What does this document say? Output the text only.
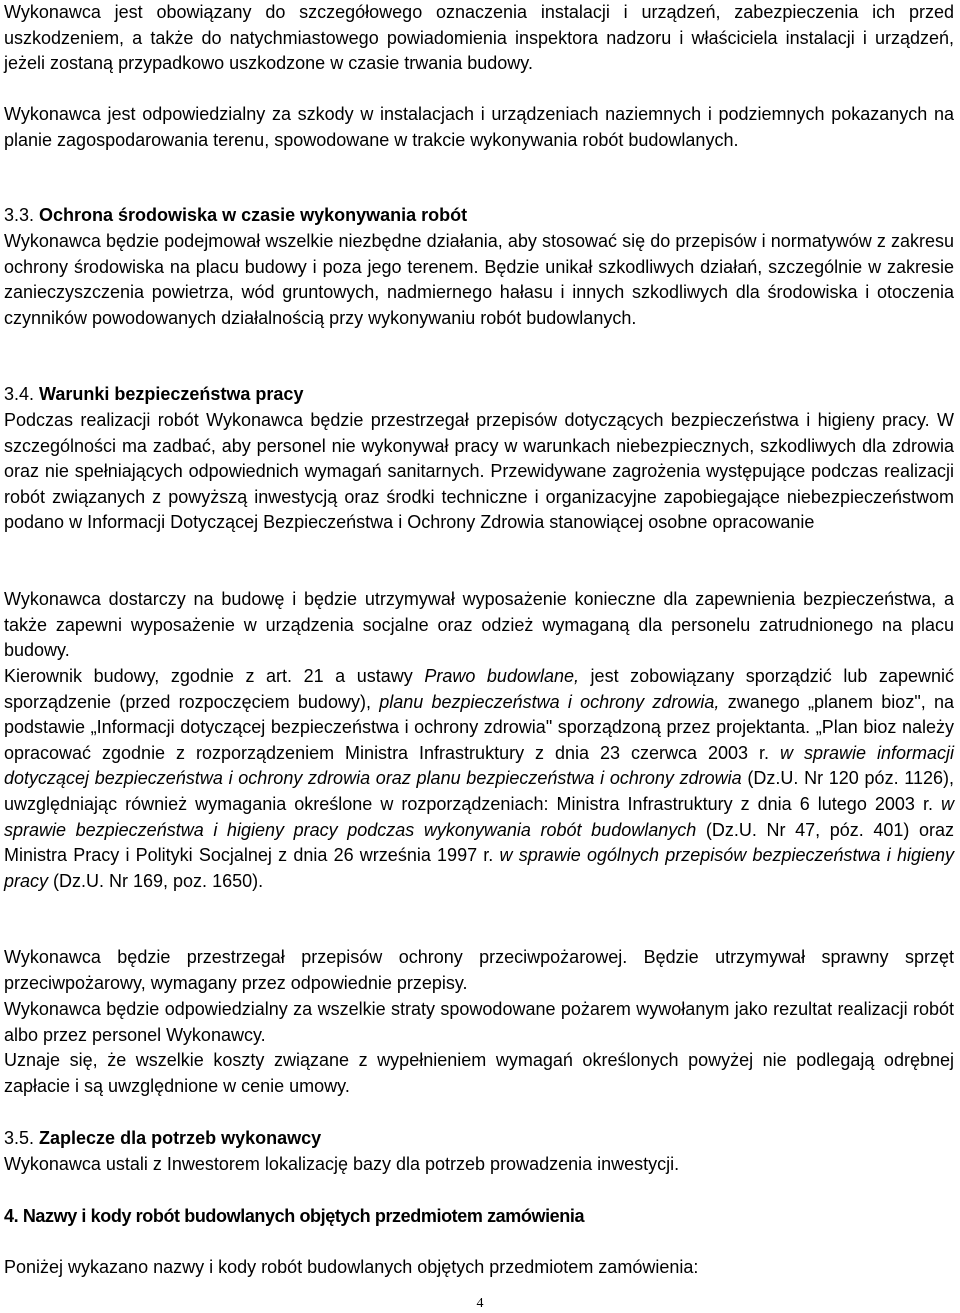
Wykonawca jest obowiązany do szczegółowego oznaczenia instalacji i urządzeń, zabezpieczenia ich przed uszkodzeniem, a także do natychmiastowego powiadomienia inspektora nadzoru i właściciela instalacji i urządzeń, jeżeli zostaną przypadkowo uszkodzone w czasie trwania budowy.

Wykonawca jest odpowiedzialny za szkody w instalacjach i urządzeniach naziemnych i podziemnych pokazanych na planie zagospodarowania terenu, spowodowane w trakcie wykonywania robót budowlanych.

3.3. Ochrona środowiska w czasie wykonywania robót

Wykonawca będzie podejmował wszelkie niezbędne działania, aby stosować się do przepisów i normatywów z zakresu ochrony środowiska na placu budowy i poza jego terenem. Będzie unikał szkodliwych działań, szczególnie w zakresie zanieczyszczenia powietrza, wód gruntowych, nadmiernego hałasu i innych szkodliwych dla środowiska i otoczenia czynników powodowanych działalnością przy wykonywaniu robót budowlanych.

3.4. Warunki bezpieczeństwa pracy

Podczas realizacji robót Wykonawca będzie przestrzegał przepisów dotyczących bezpieczeństwa i higieny pracy. W szczególności ma zadbać, aby personel nie wykonywał pracy w warunkach niebezpiecznych, szkodliwych dla zdrowia oraz nie spełniających odpowiednich wymagań sanitarnych. Przewidywane zagrożenia występujące podczas realizacji robót związanych z powyższą inwestycją oraz środki techniczne i organizacyjne zapobiegające niebezpieczeństwom podano w Informacji Dotyczącej Bezpieczeństwa i Ochrony Zdrowia stanowiącej osobne opracowanie

Wykonawca dostarczy na budowę i będzie utrzymywał wyposażenie konieczne dla zapewnienia bezpieczeństwa, a także zapewni wyposażenie w urządzenia socjalne oraz odzież wymaganą dla personelu zatrudnionego na placu budowy.

Kierownik budowy, zgodnie z art. 21 a ustawy Prawo budowlane, jest zobowiązany sporządzić lub zapewnić sporządzenie (przed rozpoczęciem budowy), planu bezpieczeństwa i ochrony zdrowia, zwanego „planem bioz", na podstawie „Informacji dotyczącej bezpieczeństwa i ochrony zdrowia" sporządzoną przez projektanta. „Plan bioz należy opracować zgodnie z rozporządzeniem Ministra Infrastruktury z dnia 23 czerwca 2003 r. w sprawie informacji dotyczącej bezpieczeństwa i ochrony zdrowia oraz planu bezpieczeństwa i ochrony zdrowia (Dz.U. Nr 120 póz. 1126), uwzględniając również wymagania określone w rozporządzeniach: Ministra Infrastruktury z dnia 6 lutego 2003 r. w sprawie bezpieczeństwa i higieny pracy podczas wykonywania robót budowlanych (Dz.U. Nr 47, póz. 401) oraz Ministra Pracy i Polityki Socjalnej z dnia 26 września 1997 r. w sprawie ogólnych przepisów bezpieczeństwa i higieny pracy (Dz.U. Nr 169, poz. 1650).

Wykonawca będzie przestrzegał przepisów ochrony przeciwpożarowej. Będzie utrzymywał sprawny sprzęt przeciwpożarowy, wymagany przez odpowiednie przepisy.

Wykonawca będzie odpowiedzialny za wszelkie straty spowodowane pożarem wywołanym jako rezultat realizacji robót albo przez personel Wykonawcy.

Uznaje się, że wszelkie koszty związane z wypełnieniem wymagań określonych powyżej nie podlegają odrębnej zapłacie i są uwzględnione w cenie umowy.

3.5. Zaplecze dla potrzeb wykonawcy

Wykonawca ustali z Inwestorem lokalizację bazy dla potrzeb prowadzenia inwestycji.

4. Nazwy i kody robót budowlanych objętych przedmiotem zamówienia

Poniżej wykazano nazwy i kody robót budowlanych objętych przedmiotem zamówienia:

4
